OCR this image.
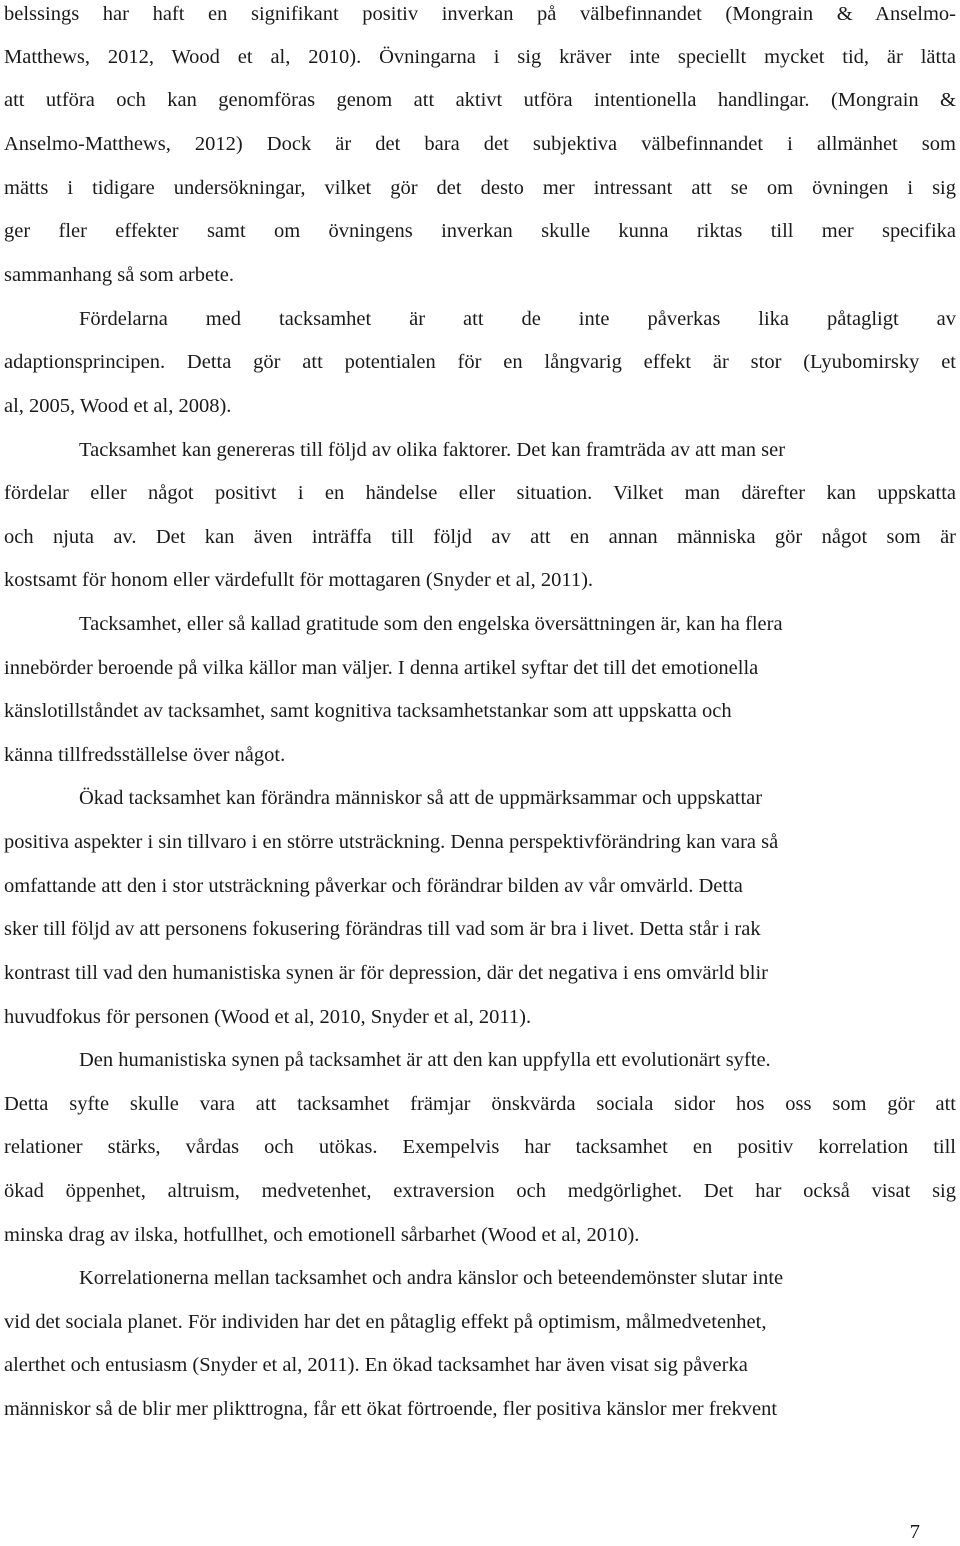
belssings har haft en signifikant positiv inverkan på välbefinnandet (Mongrain & Anselmo-
Matthews, 2012, Wood et al, 2010). Övningarna i sig kräver inte speciellt mycket tid, är lätta
att utföra och kan genomföras genom att aktivt utföra intentionella handlingar. (Mongrain &
Anselmo-Matthews, 2012) Dock är det bara det subjektiva välbefinnandet i allmänhet som
mätts i tidigare undersökningar, vilket gör det desto mer intressant att se om övningen i sig
ger fler effekter samt om övningens inverkan skulle kunna riktas till mer specifika
sammanhang så som arbete.
Fördelarna med tacksamhet är att de inte påverkas lika påtagligt av
adaptionsprincipen. Detta gör att potentialen för en långvarig effekt är stor (Lyubomirsky et
al, 2005, Wood et al, 2008).
Tacksamhet kan genereras till följd av olika faktorer. Det kan framträda av att man ser
fördelar eller något positivt i en händelse eller situation. Vilket man därefter kan uppskatta
och njuta av. Det kan även inträffa till följd av att en annan människa gör något som är
kostsamt för honom eller värdefullt för mottagaren (Snyder et al, 2011).
Tacksamhet, eller så kallad gratitude som den engelska översättningen är, kan ha flera
innebörder beroende på vilka källor man väljer. I denna artikel syftar det till det emotionella
känslotillståndet av tacksamhet, samt kognitiva tacksamhetstankar som att uppskatta och
känna tillfredsställelse över något.
Ökad tacksamhet kan förändra människor så att de uppmärksammar och uppskattar
positiva aspekter i sin tillvaro i en större utsträckning. Denna perspektivförändring kan vara så
omfattande att den i stor utsträckning påverkar och förändrar bilden av vår omvärld. Detta
sker till följd av att personens fokusering förändras till vad som är bra i livet. Detta står i rak
kontrast till vad den humanistiska synen är för depression, där det negativa i ens omvärld blir
huvudfokus för personen (Wood et al, 2010, Snyder et al, 2011).
Den humanistiska synen på tacksamhet är att den kan uppfylla ett evolutionärt syfte.
Detta syfte skulle vara att tacksamhet främjar önskvärda sociala sidor hos oss som gör att
relationer stärks, vårdas och utökas. Exempelvis har tacksamhet en positiv korrelation till
ökad öppenhet, altruism, medvetenhet, extraversion och medgörlighet. Det har också visat sig
minska drag av ilska, hotfullhet, och emotionell sårbarhet (Wood et al, 2010).
Korrelationerna mellan tacksamhet och andra känslor och beteendemönster slutar inte
vid det sociala planet. För individen har det en påtaglig effekt på optimism, målmedvetenhet,
alerthet och entusiasm (Snyder et al, 2011). En ökad tacksamhet har även visat sig påverka
människor så de blir mer plikttrogna, får ett ökat förtroende, fler positiva känslor mer frekvent
7
